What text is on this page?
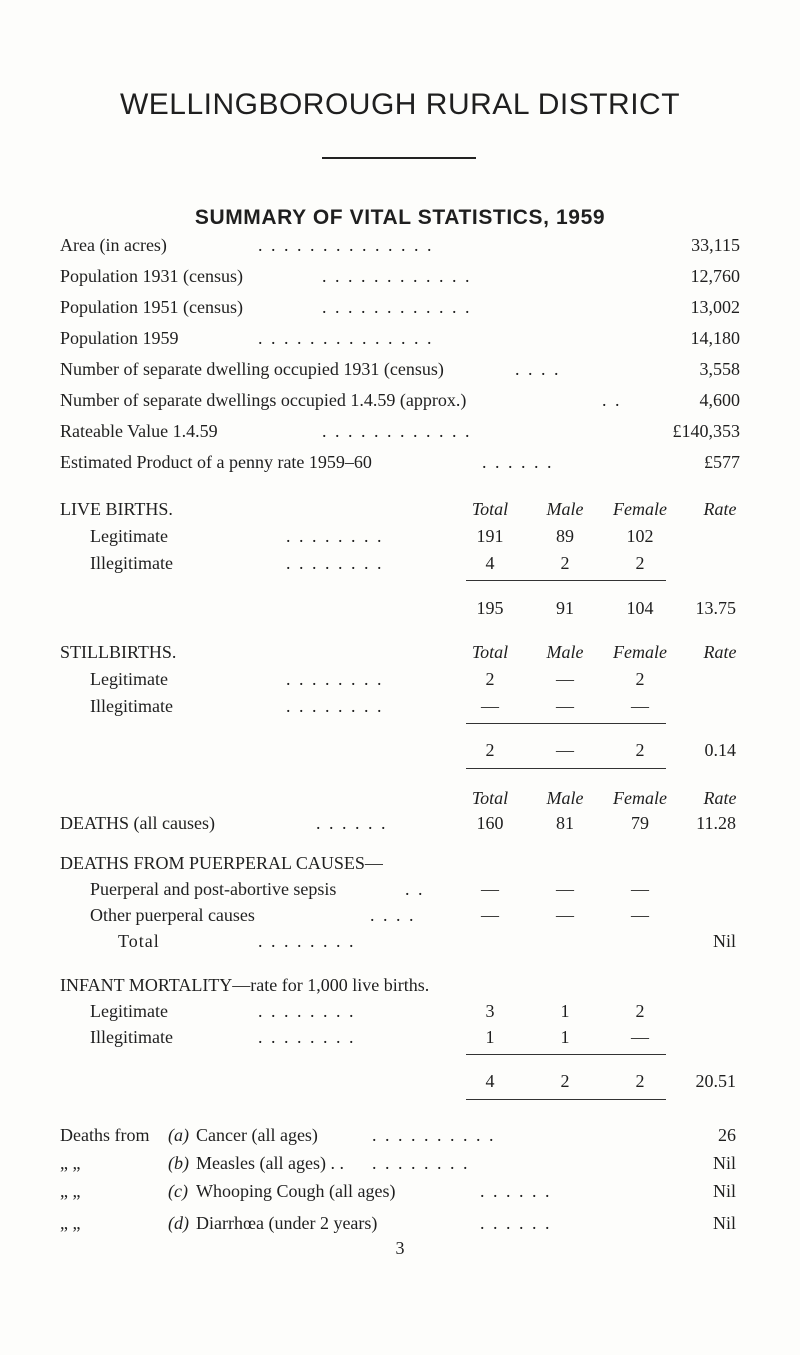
WELLINGBOROUGH RURAL DISTRICT
SUMMARY OF VITAL STATISTICS, 1959
Area (in acres)	. . . . . . . . . . . . . .	33,115
Population 1931 (census)	. . . . . . . . . . . .	12,760
Population 1951 (census)	. . . . . . . . . . . .	13,002
Population 1959	. . . . . . . . . . . . . .	14,180
Number of separate dwelling occupied 1931 (census)	. . . .	3,558
Number of separate dwellings occupied 1.4.59 (approx.)	. .	4,600
Rateable Value 1.4.59	. . . . . . . . . . . .	£140,353
Estimated Product of a penny rate 1959–60	. . . . . .	£577
LIVE BIRTHS.	Total	Male	Female	Rate
Legitimate	. . . . . . . .	191	89	102
Illegitimate	. . . . . . . .	4	2	2
195	91	104	13.75
STILLBIRTHS.	Total	Male	Female	Rate
Legitimate	. . . . . . . .	2	—	2
Illegitimate	. . . . . . . .	—	—	—
2	—	2	0.14
Total	Male	Female	Rate
DEATHS (all causes)	. . . . . .	160	81	79	11.28
DEATHS FROM PUERPERAL CAUSES—
Puerperal and post-abortive sepsis	. .	—	—	—
Other puerperal causes	. . . .	—	—	—
Total	. . . . . . . .	Nil
INFANT MORTALITY—rate for 1,000 live births.
Legitimate	. . . . . . . .	3	1	2
Illegitimate	. . . . . . . .	1	1	—
4	2	2	20.51
Deaths from (a) Cancer (all ages)	. . . . . . . . . .	26
„ „	(b) Measles (all ages) . . . . . . . . . .	Nil
„ „	(c) Whooping Cough (all ages)	. . . . . .	Nil
„ „	(d) Diarrhœa (under 2 years)	. . . . . .	Nil
3
